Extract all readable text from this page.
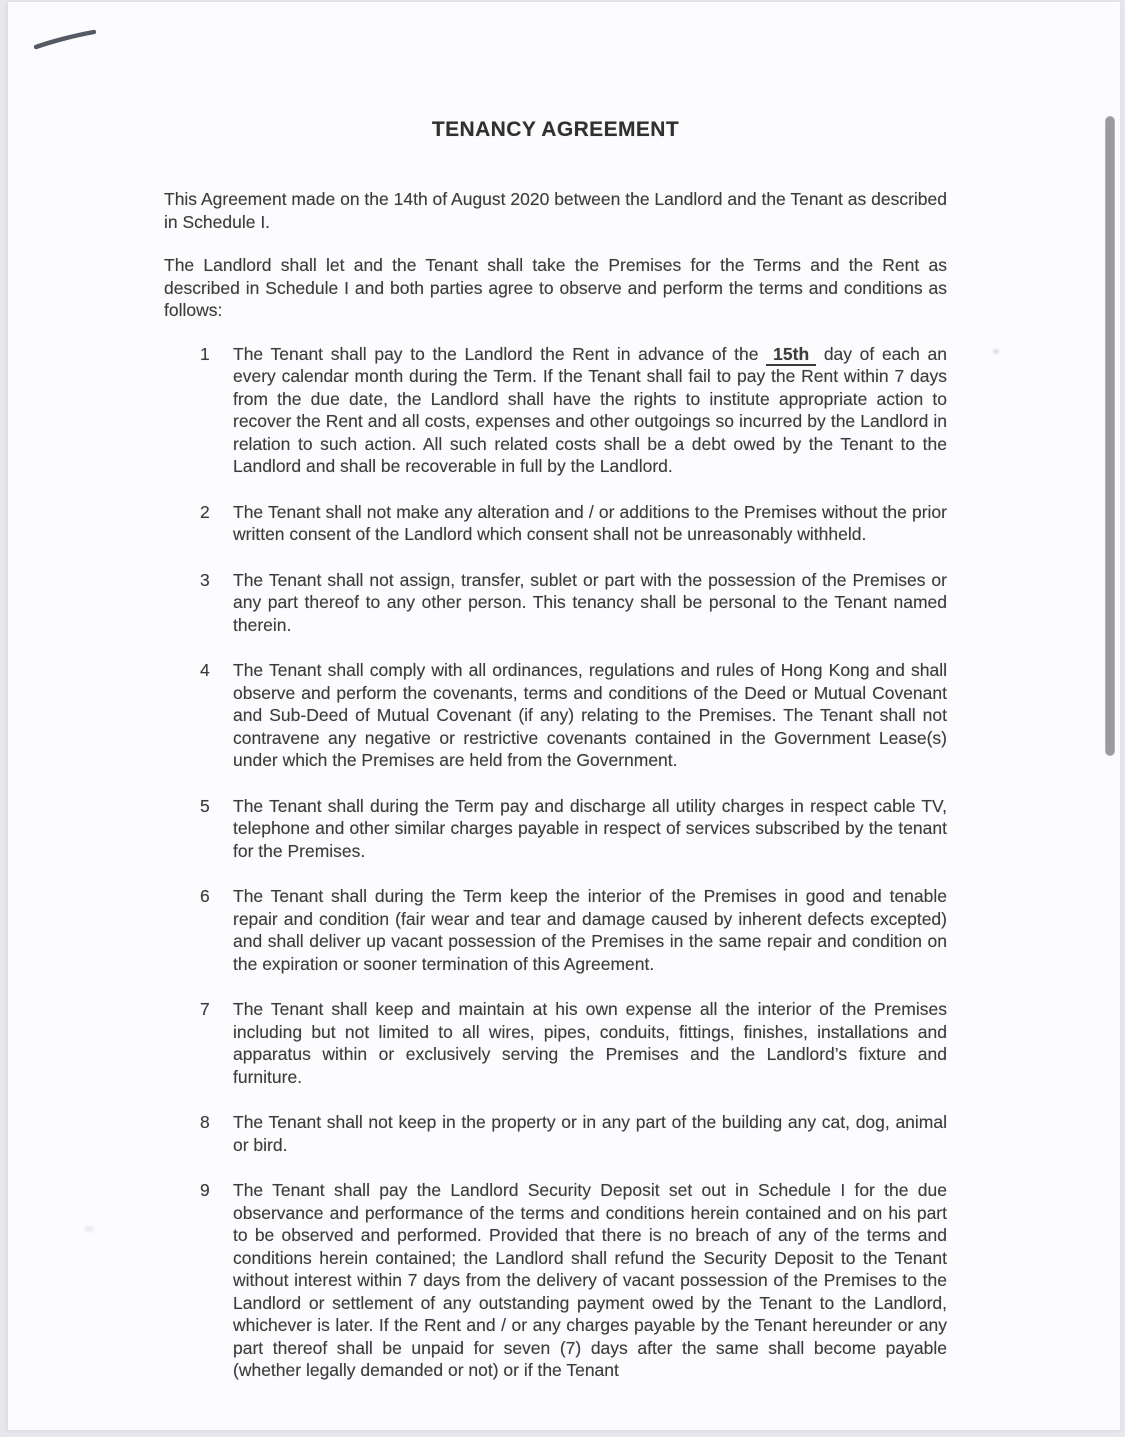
TENANCY AGREEMENT

This Agreement made on the 14th of August 2020 between the Landlord and the Tenant as described in Schedule I.

The Landlord shall let and the Tenant shall take the Premises for the Terms and the Rent as described in Schedule I and both parties agree to observe and perform the terms and conditions as follows:

1	The Tenant shall pay to the Landlord the Rent in advance of the 15th day of each an every calendar month during the Term. If the Tenant shall fail to pay the Rent within 7 days from the due date, the Landlord shall have the rights to institute appropriate action to recover the Rent and all costs, expenses and other outgoings so incurred by the Landlord in relation to such action. All such related costs shall be a debt owed by the Tenant to the Landlord and shall be recoverable in full by the Landlord.
2	The Tenant shall not make any alteration and / or additions to the Premises without the prior written consent of the Landlord which consent shall not be unreasonably withheld.
3	The Tenant shall not assign, transfer, sublet or part with the possession of the Premises or any part thereof to any other person. This tenancy shall be personal to the Tenant named therein.
4	The Tenant shall comply with all ordinances, regulations and rules of Hong Kong and shall observe and perform the covenants, terms and conditions of the Deed or Mutual Covenant and Sub-Deed of Mutual Covenant (if any) relating to the Premises. The Tenant shall not contravene any negative or restrictive covenants contained in the Government Lease(s) under which the Premises are held from the Government.
5	The Tenant shall during the Term pay and discharge all utility charges in respect cable TV, telephone and other similar charges payable in respect of services subscribed by the tenant for the Premises.
6	The Tenant shall during the Term keep the interior of the Premises in good and tenable repair and condition (fair wear and tear and damage caused by inherent defects excepted) and shall deliver up vacant possession of the Premises in the same repair and condition on the expiration or sooner termination of this Agreement.
7	The Tenant shall keep and maintain at his own expense all the interior of the Premises including but not limited to all wires, pipes, conduits, fittings, finishes, installations and apparatus within or exclusively serving the Premises and the Landlord’s fixture and furniture.
8	The Tenant shall not keep in the property or in any part of the building any cat, dog, animal or bird.
9	The Tenant shall pay the Landlord Security Deposit set out in Schedule I for the due observance and performance of the terms and conditions herein contained and on his part to be observed and performed. Provided that there is no breach of any of the terms and conditions herein contained; the Landlord shall refund the Security Deposit to the Tenant without interest within 7 days from the delivery of vacant possession of the Premises to the Landlord or settlement of any outstanding payment owed by the Tenant to the Landlord, whichever is later. If the Rent and / or any charges payable by the Tenant hereunder or any part thereof shall be unpaid for seven (7) days after the same shall become payable (whether legally demanded or not) or if the Tenant
